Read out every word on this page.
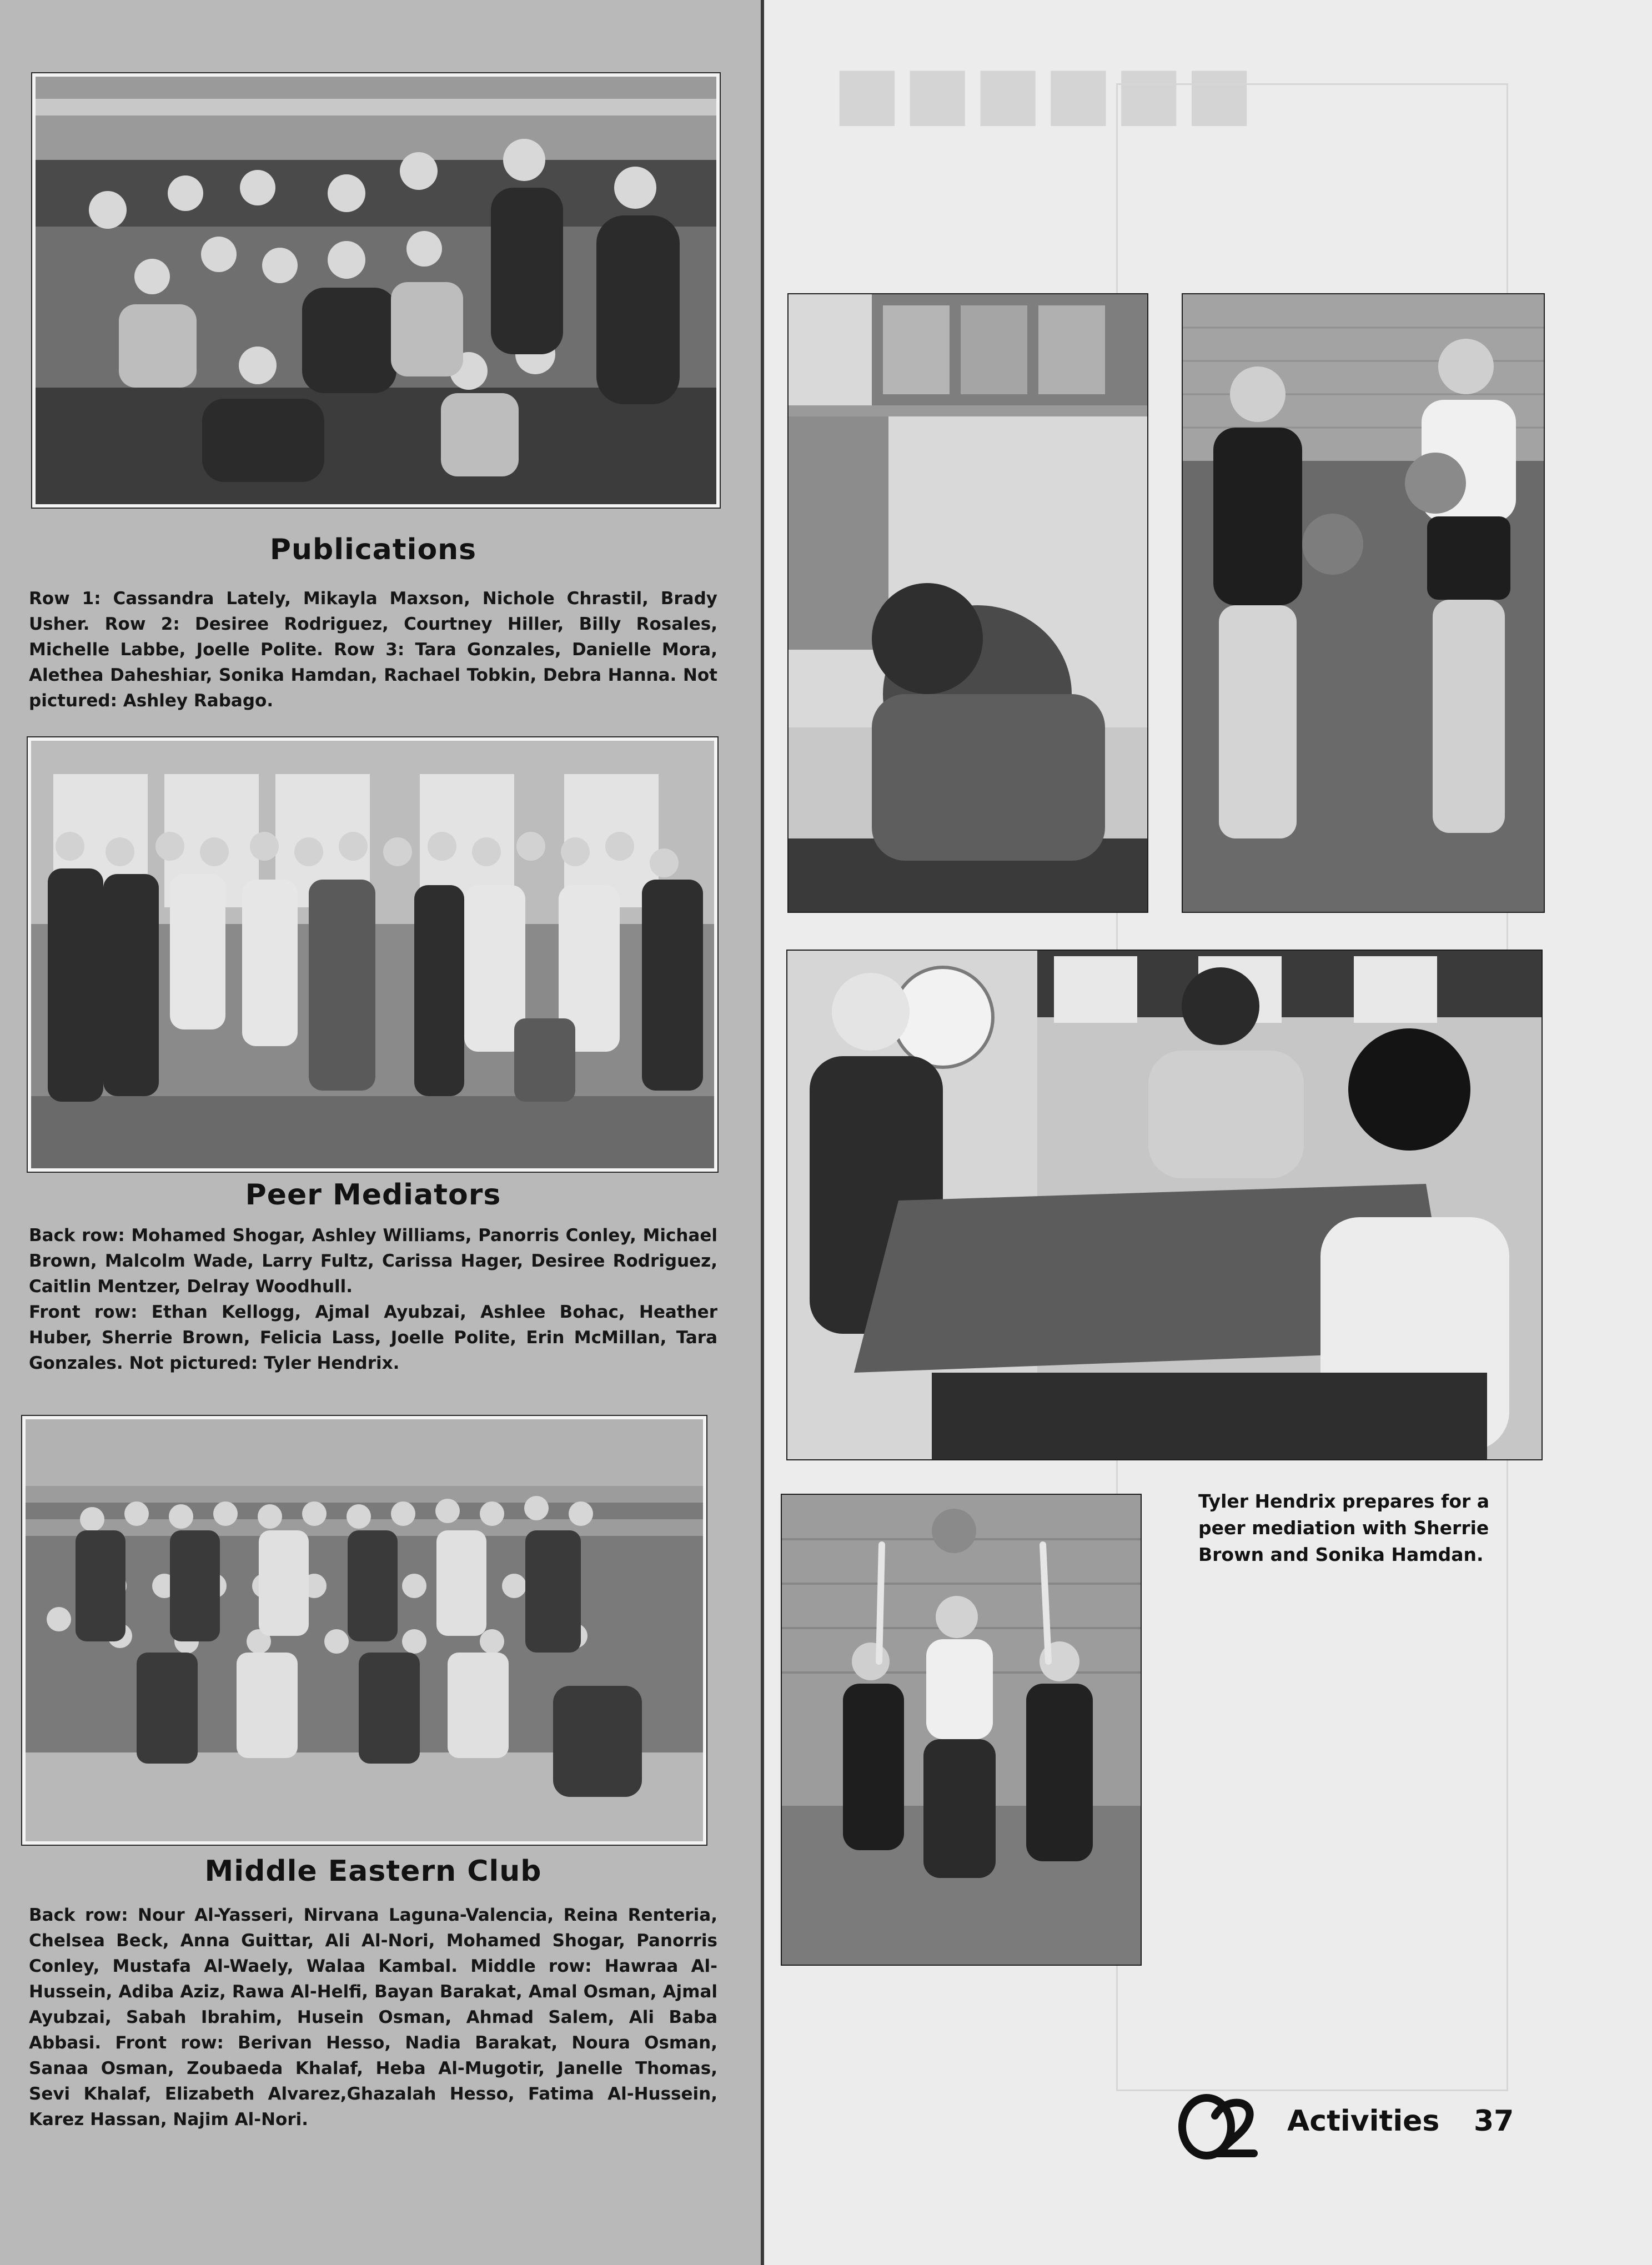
■■■■■■
Publications
Row 1: Cassandra Lately, Mikayla Maxson, Nichole Chrastil, Brady Usher. Row 2: Desiree Rodriguez, Courtney Hiller, Billy Rosales, Michelle Labbe, Joelle Polite. Row 3: Tara Gonzales, Danielle Mora, Alethea Daheshiar, Sonika Hamdan, Rachael Tobkin, Debra Hanna. Not pictured: Ashley Rabago.
Peer Mediators
Back row: Mohamed Shogar, Ashley Williams, Panorris Conley, Michael Brown, Malcolm Wade, Larry Fultz, Carissa Hager, Desiree Rodriguez, Caitlin Mentzer, Delray Woodhull.
Front row: Ethan Kellogg, Ajmal Ayubzai, Ashlee Bohac, Heather Huber, Sherrie Brown, Felicia Lass, Joelle Polite, Erin McMillan, Tara Gonzales. Not pictured: Tyler Hendrix.
Middle Eastern Club
Back row: Nour Al-Yasseri, Nirvana Laguna-Valencia, Reina Renteria, Chelsea Beck, Anna Guittar, Ali Al-Nori, Mohamed Shogar, Panorris Conley, Mustafa Al-Waely, Walaa Kambal. Middle row: Hawraa Al-Hussein, Adiba Aziz, Rawa Al-Helfi, Bayan Barakat, Amal Osman, Ajmal Ayubzai, Sabah Ibrahim, Husein Osman, Ahmad Salem, Ali Baba Abbasi. Front row: Berivan Hesso, Nadia Barakat, Noura Osman, Sanaa Osman, Zoubaeda Khalaf, Heba Al-Mugotir, Janelle Thomas, Sevi Khalaf, Elizabeth Alvarez,Ghazalah Hesso, Fatima Al-Hussein, Karez Hassan, Najim Al-Nori.
Tyler Hendrix prepares for a peer mediation with Sherrie Brown and Sonika Hamdan.
Activities 37
